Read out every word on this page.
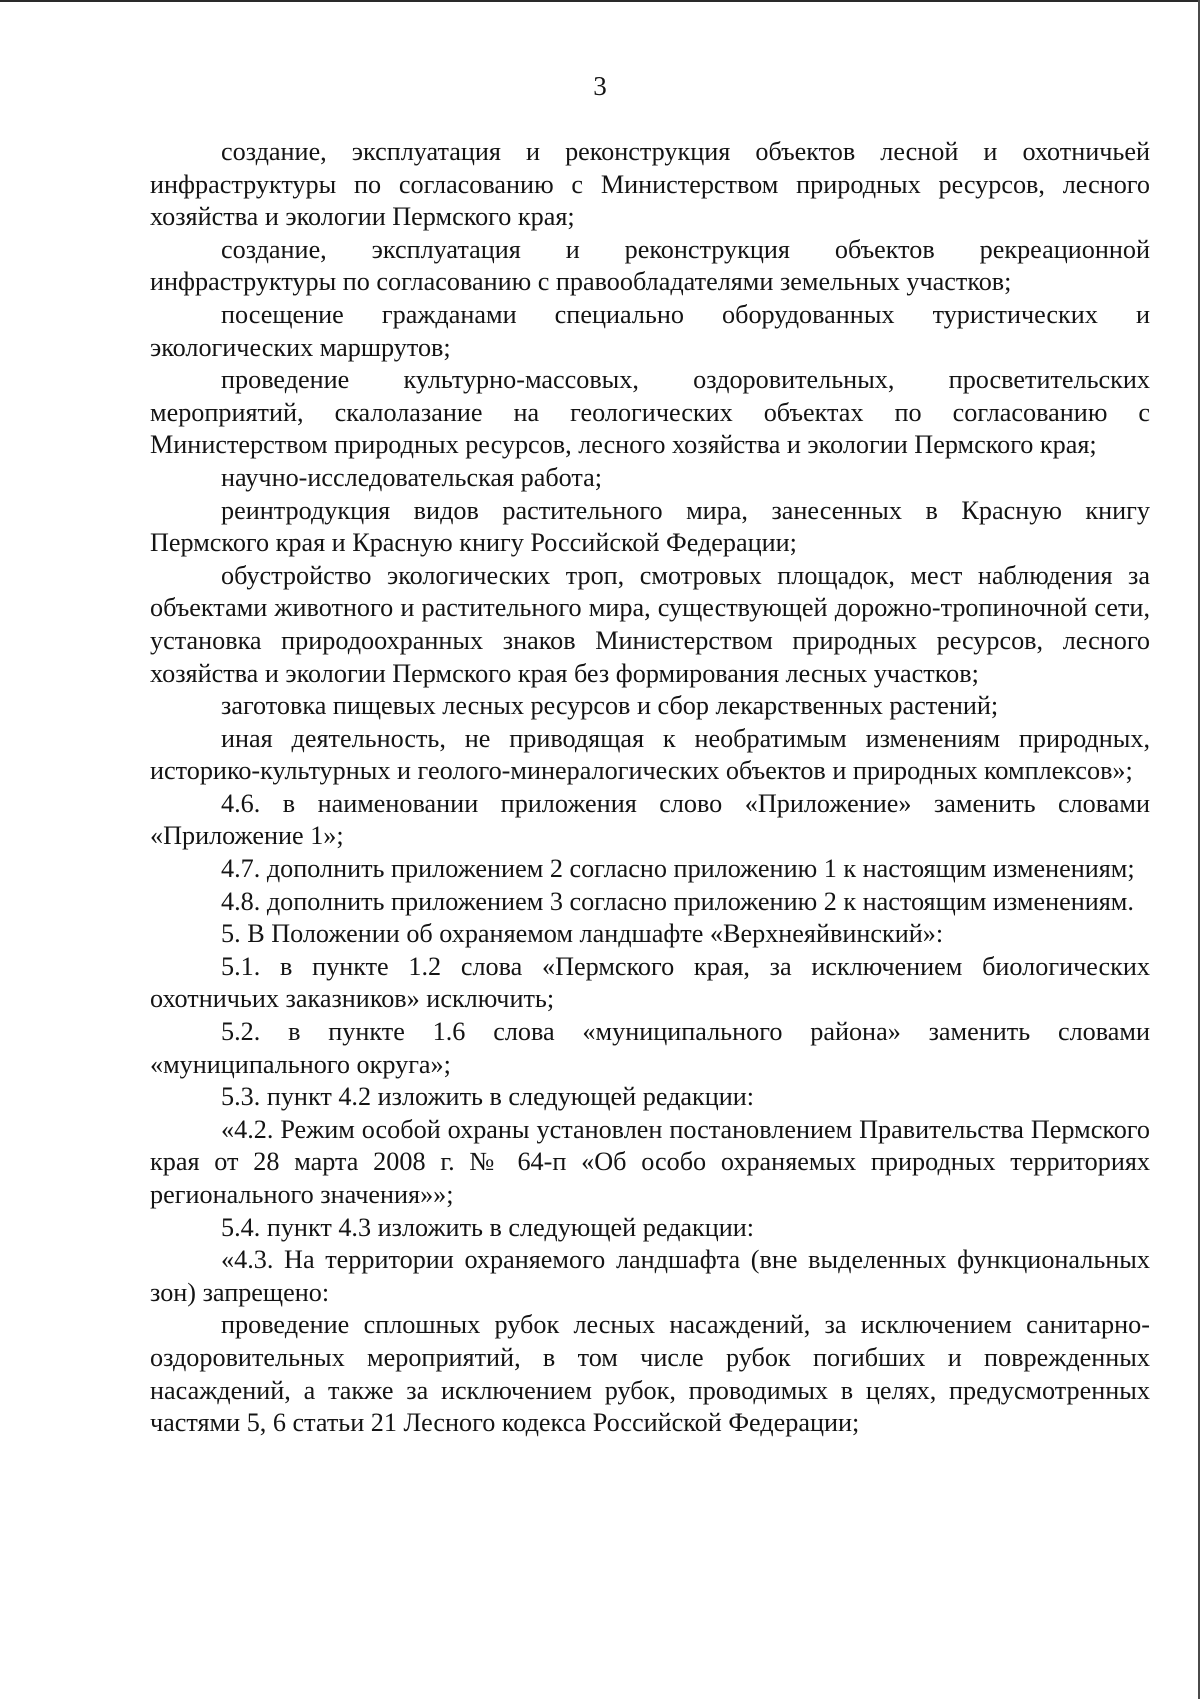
3

создание, эксплуатация и реконструкция объектов лесной и охотничьей инфраструктуры по согласованию с Министерством природных ресурсов, лесного хозяйства и экологии Пермского края;

создание, эксплуатация и реконструкция объектов рекреационной инфраструктуры по согласованию с правообладателями земельных участков;

посещение гражданами специально оборудованных туристических и экологических маршрутов;

проведение культурно-массовых, оздоровительных, просветительских мероприятий, скалолазание на геологических объектах по согласованию с Министерством природных ресурсов, лесного хозяйства и экологии Пермского края;

научно-исследовательская работа;

реинтродукция видов растительного мира, занесенных в Красную книгу Пермского края и Красную книгу Российской Федерации;

обустройство экологических троп, смотровых площадок, мест наблюдения за объектами животного и растительного мира, существующей дорожно-тропиночной сети, установка природоохранных знаков Министерством природных ресурсов, лесного хозяйства и экологии Пермского края без формирования лесных участков;

заготовка пищевых лесных ресурсов и сбор лекарственных растений;

иная деятельность, не приводящая к необратимым изменениям природных, историко-культурных и геолого-минералогических объектов и природных комплексов»;

4.6. в наименовании приложения слово «Приложение» заменить словами «Приложение 1»;

4.7. дополнить приложением 2 согласно приложению 1 к настоящим изменениям;

4.8. дополнить приложением 3 согласно приложению 2 к настоящим изменениям.

5. В Положении об охраняемом ландшафте «Верхнеяйвинский»:

5.1. в пункте 1.2 слова «Пермского края, за исключением биологических охотничьих заказников» исключить;

5.2. в пункте 1.6 слова «муниципального района» заменить словами «муниципального округа»;

5.3. пункт 4.2 изложить в следующей редакции:

«4.2. Режим особой охраны установлен постановлением Правительства Пермского края от 28 марта 2008 г. № 64-п «Об особо охраняемых природных территориях регионального значения»»;

5.4. пункт 4.3 изложить в следующей редакции:

«4.3. На территории охраняемого ландшафта (вне выделенных функциональных зон) запрещено:

проведение сплошных рубок лесных насаждений, за исключением санитарно-оздоровительных мероприятий, в том числе рубок погибших и поврежденных насаждений, а также за исключением рубок, проводимых в целях, предусмотренных частями 5, 6 статьи 21 Лесного кодекса Российской Федерации;
